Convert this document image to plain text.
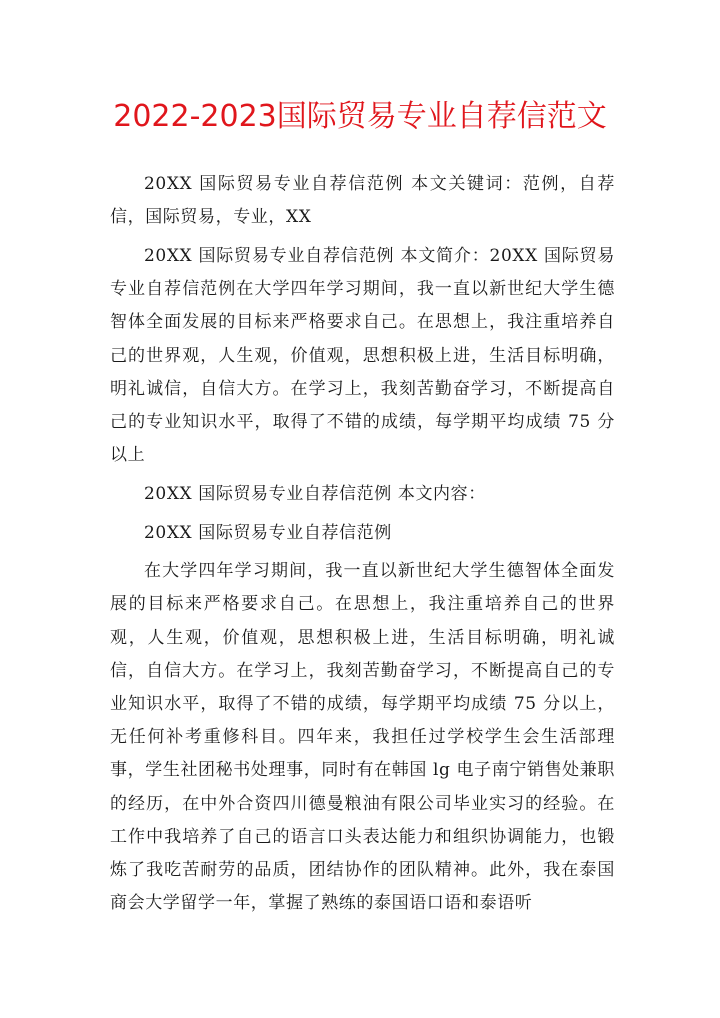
2022-2023国际贸易专业自荐信范文

20XX 国际贸易专业自荐信范例 本文关键词：范例，自荐信，国际贸易，专业，XX

20XX 国际贸易专业自荐信范例 本文简介：20XX 国际贸易专业自荐信范例在大学四年学习期间，我一直以新世纪大学生德智体全面发展的目标来严格要求自己。在思想上，我注重培养自己的世界观，人生观，价值观，思想积极上进，生活目标明确，明礼诚信，自信大方。在学习上，我刻苦勤奋学习，不断提高自己的专业知识水平，取得了不错的成绩，每学期平均成绩 75 分以上

20XX 国际贸易专业自荐信范例 本文内容：

20XX 国际贸易专业自荐信范例

在大学四年学习期间，我一直以新世纪大学生德智体全面发展的目标来严格要求自己。在思想上，我注重培养自己的世界观，人生观，价值观，思想积极上进，生活目标明确，明礼诚信，自信大方。在学习上，我刻苦勤奋学习，不断提高自己的专业知识水平，取得了不错的成绩，每学期平均成绩 75 分以上，无任何补考重修科目。四年来，我担任过学校学生会生活部理事，学生社团秘书处理事，同时有在韩国 lg 电子南宁销售处兼职的经历，在中外合资四川德曼粮油有限公司毕业实习的经验。在工作中我培养了自己的语言口头表达能力和组织协调能力，也锻炼了我吃苦耐劳的品质，团结协作的团队精神。此外，我在泰国商会大学留学一年，掌握了熟练的泰国语口语和泰语听
